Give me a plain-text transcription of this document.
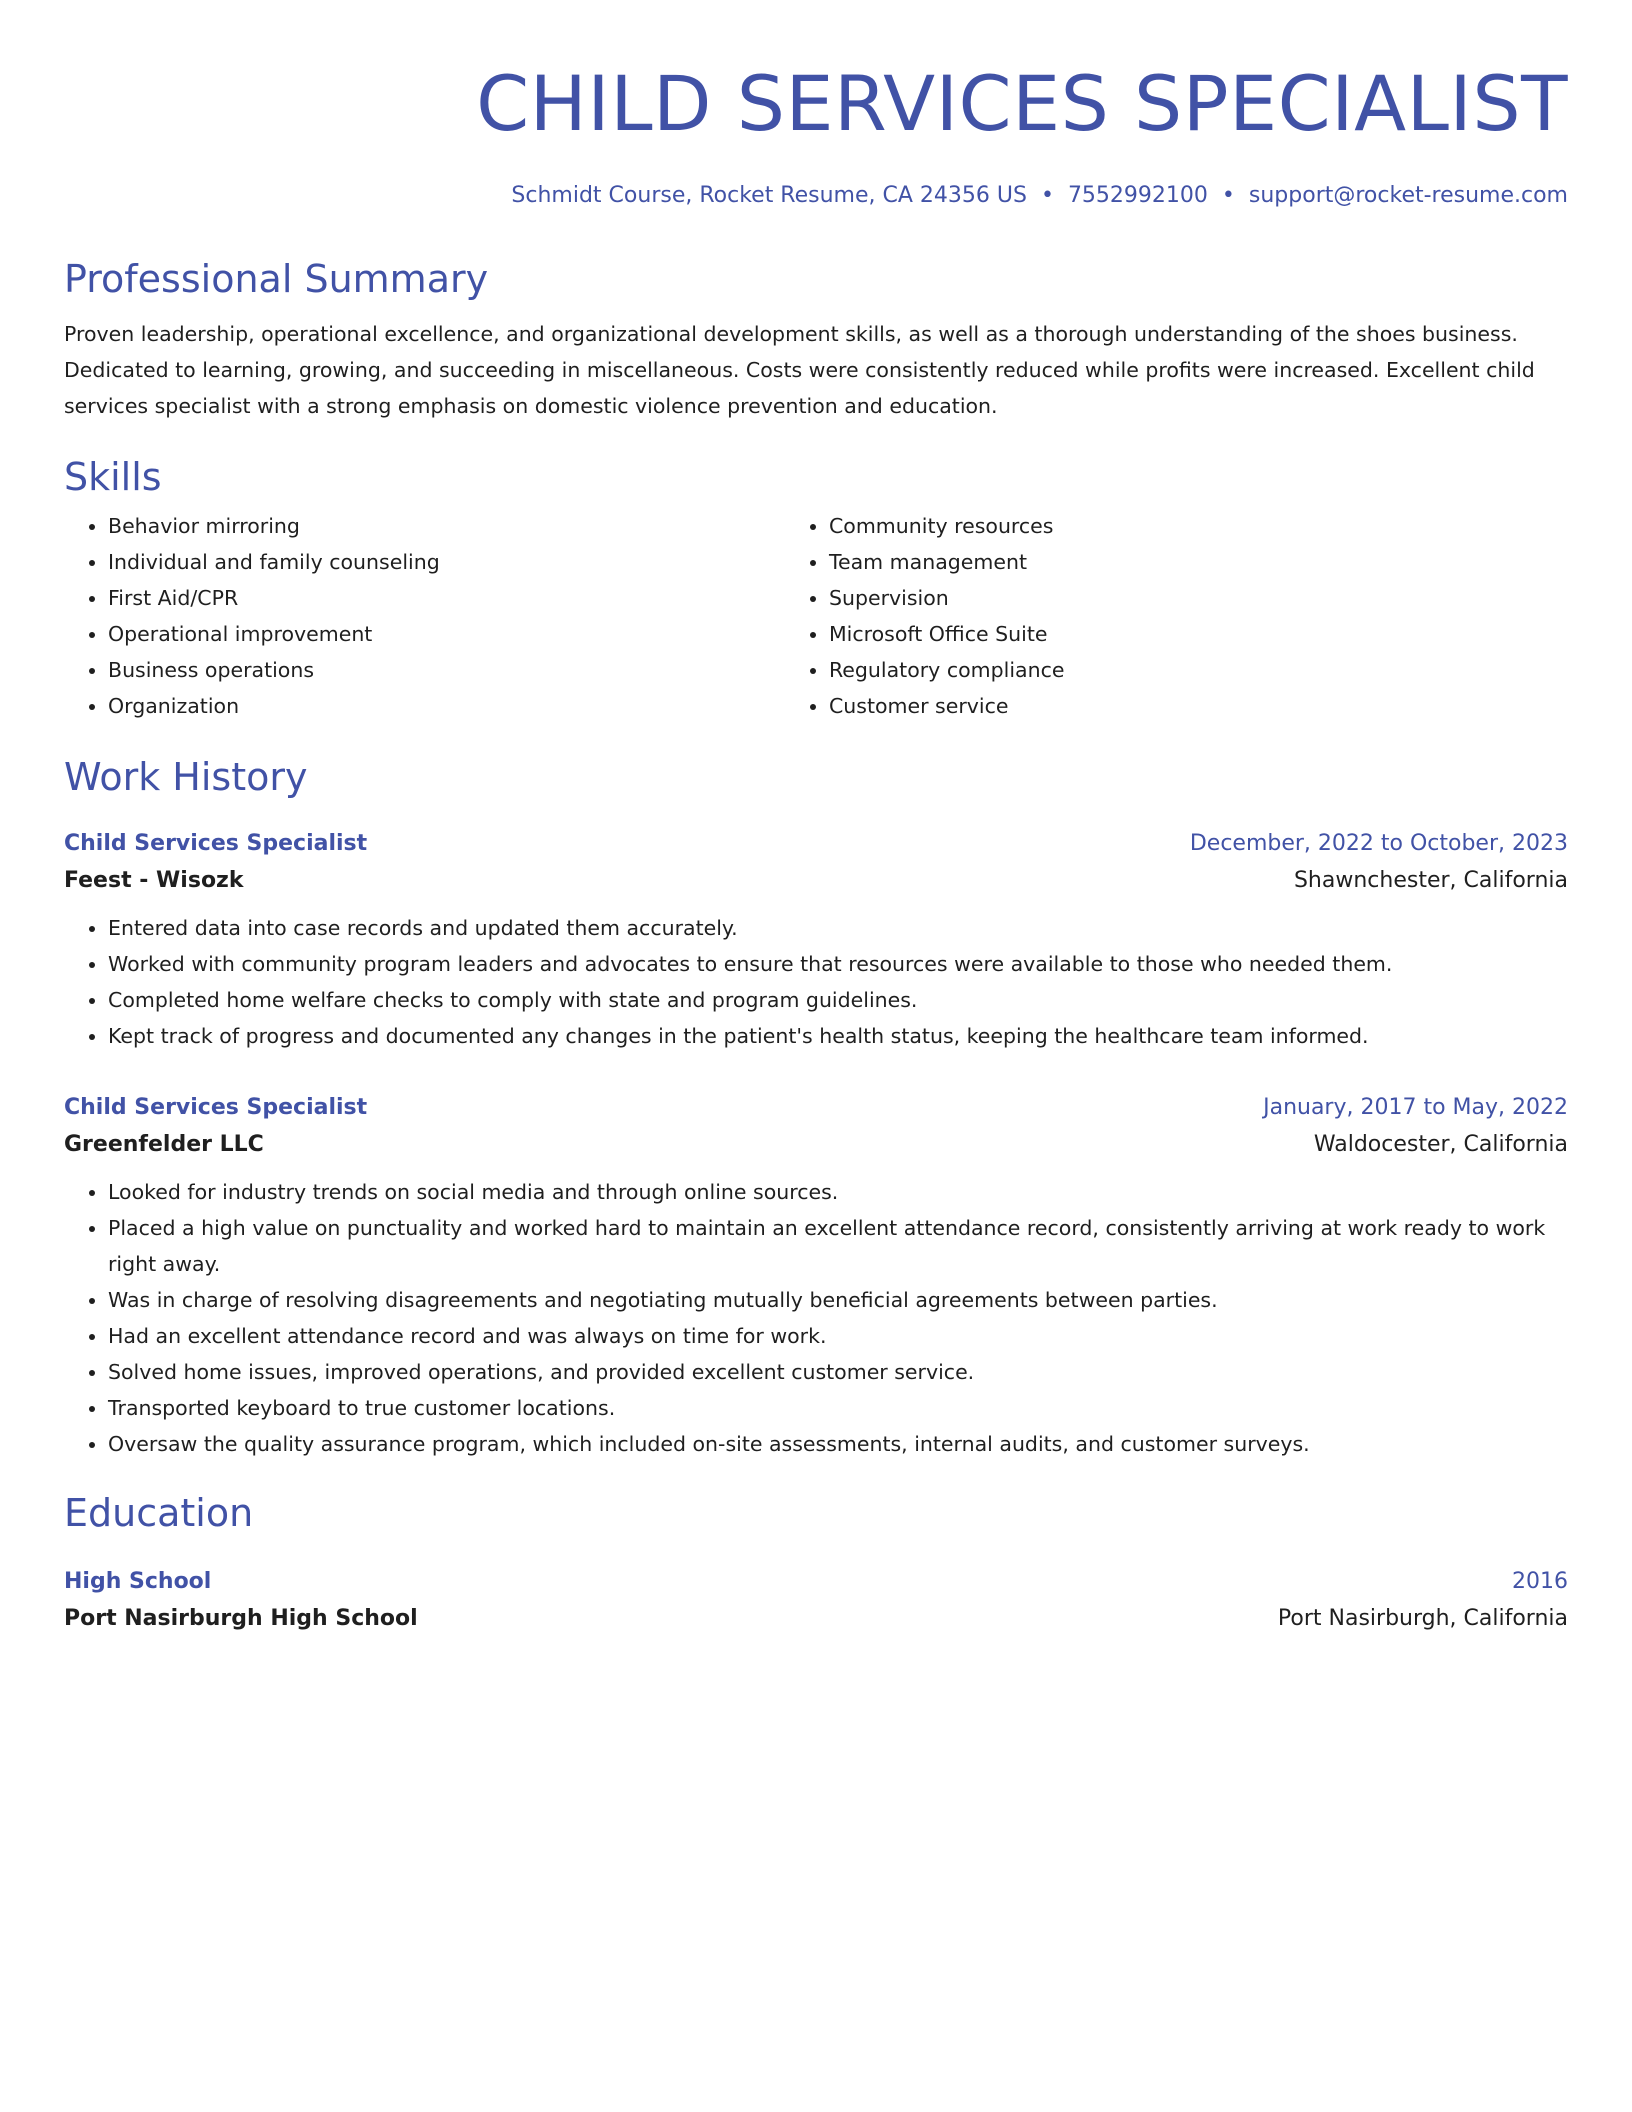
CHILD SERVICES SPECIALIST
Schmidt Course, Rocket Resume, CA 24356 US • 7552992100 • support@rocket-resume.com
Professional Summary

Proven leadership, operational excellence, and organizational development skills, as well as a thorough understanding of the shoes business. Dedicated to learning, growing, and succeeding in miscellaneous. Costs were consistently reduced while profits were increased. Excellent child services specialist with a strong emphasis on domestic violence prevention and education.

Skills
• Behavior mirroring
• Individual and family counseling
• First Aid/CPR
• Operational improvement
• Business operations
• Organization
• Community resources
• Team management
• Supervision
• Microsoft Office Suite
• Regulatory compliance
• Customer service
Work History
Child Services Specialist	December, 2022 to October, 2023
Feest - Wisozk	Shawnchester, California
• Entered data into case records and updated them accurately.
• Worked with community program leaders and advocates to ensure that resources were available to those who needed them.
• Completed home welfare checks to comply with state and program guidelines.
• Kept track of progress and documented any changes in the patient's health status, keeping the healthcare team informed.
Child Services Specialist	January, 2017 to May, 2022
Greenfelder LLC	Waldocester, California
• Looked for industry trends on social media and through online sources.
• Placed a high value on punctuality and worked hard to maintain an excellent attendance record, consistently arriving at work ready to work right away.
• Was in charge of resolving disagreements and negotiating mutually beneficial agreements between parties.
• Had an excellent attendance record and was always on time for work.
• Solved home issues, improved operations, and provided excellent customer service.
• Transported keyboard to true customer locations.
• Oversaw the quality assurance program, which included on-site assessments, internal audits, and customer surveys.
Education
High School	2016
Port Nasirburgh High School	Port Nasirburgh, California
